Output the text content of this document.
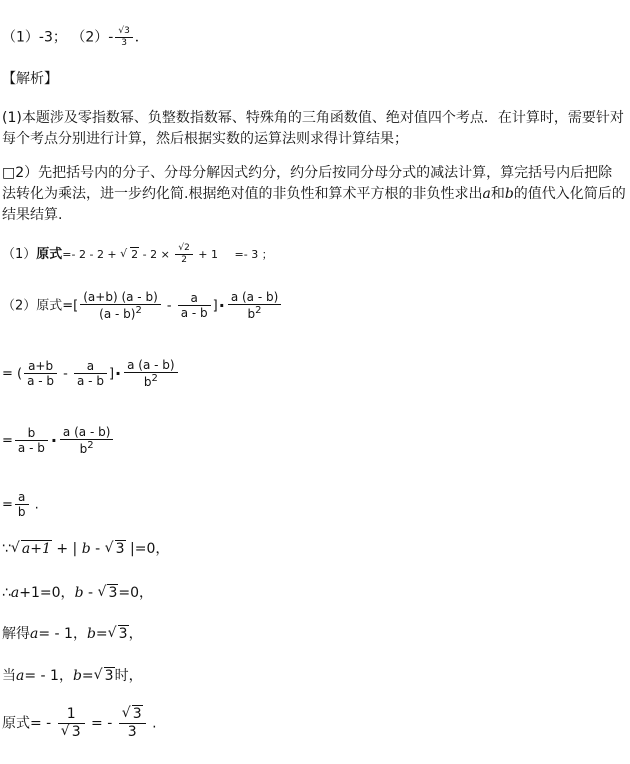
（1）-3； $(2)- \frac{√3}{3}$ ．
【解析】
(1)本题涉及零指数幂、负整数指数幂、特殊角的三角函数值、绝对值四个考点．在计算时，需要针对每个考点分别进行计算，然后根据实数的运算法则求得计算结果；
□2）先把括号内的分子、分母分解因式约分，约分后按同分母分式的减法计算，算完括号内后把除法转化为乘法，进一步约化简.根据绝对值的非负性和算术平方根的非负性求出a和b的值代入化简后的结果结算.
（1）原式=- 2 - 2 + √ $2 - 2 \times \frac{√2}{2} + 1 =- 3$ ；
（2）原式=[ $\frac{(a+b) (a - b)}{(a - b)^2} - \frac{a}{a - b}$ ]· $\frac{a (a - b)}{b^2}$
= ( $\frac{a+b}{a - b} - \frac{a}{a - b}$ ]· $\frac{a (a - b)}{b^2}$
= $\frac{b}{a - b} \cdot \frac{a (a - b)}{b^2}$
= $\frac{a}{b}$ .
∵ √ a+1 + | b - √ 3 |=0，
∴a+1=0，b - √ 3=0，
解得a= - 1，b= √ 3，
当a= - 1，b= √ 3时，
原式= - 1
√ 3 = - √ $\frac{3}{3}$ .
